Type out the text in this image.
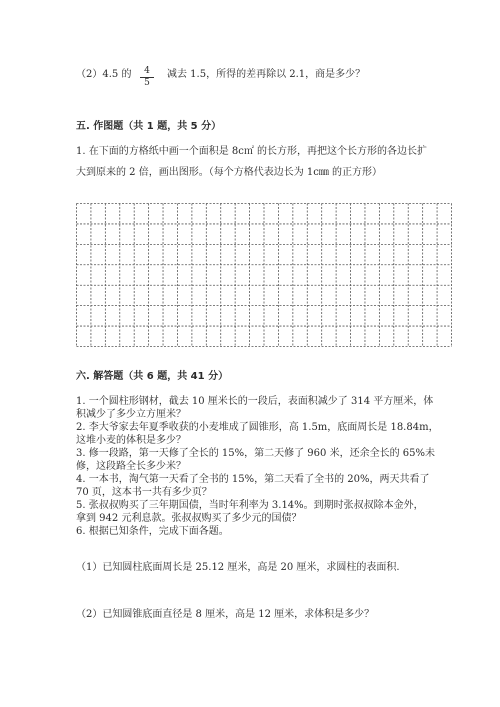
（2）4.5 的 $\frac{4}{5}$ 减去 1.5，所得的差再除以 2.1，商是多少？
五. 作图题（共 1 题，共 5 分）
1. 在下面的方格纸中画一个面积是 8c㎡ 的长方形，再把这个长方形的各边长扩
大到原来的 2 倍，画出图形。（每个方格代表边长为 1c㎜ 的正方形）
六. 解答题（共 6 题，共 41 分）
1. 一个圆柱形钢材，截去 10 厘米长的一段后，表面积减少了 314 平方厘米，体
积减少了多少立方厘米？
2. 李大爷家去年夏季收获的小麦堆成了圆锥形，高 1.5m，底面周长是 18.84m，
这堆小麦的体积是多少？
3. 修一段路，第一天修了全长的 15%，第二天修了 960 米，还余全长的 65%未
修，这段路全长多少米？
4. 一本书，淘气第一天看了全书的 15%，第二天看了全书的 20%，两天共看了
70 页，这本书一共有多少页？
5. 张叔叔购买了三年期国债，当时年利率为 3.14%。到期时张叔叔除本金外，
拿到 942 元利息款。张叔叔购买了多少元的国债？
6. 根据已知条件，完成下面各题。
（1）已知圆柱底面周长是 25.12 厘米，高是 20 厘米，求圆柱的表面积.
（2）已知圆锥底面直径是 8 厘米，高是 12 厘米，求体积是多少？
